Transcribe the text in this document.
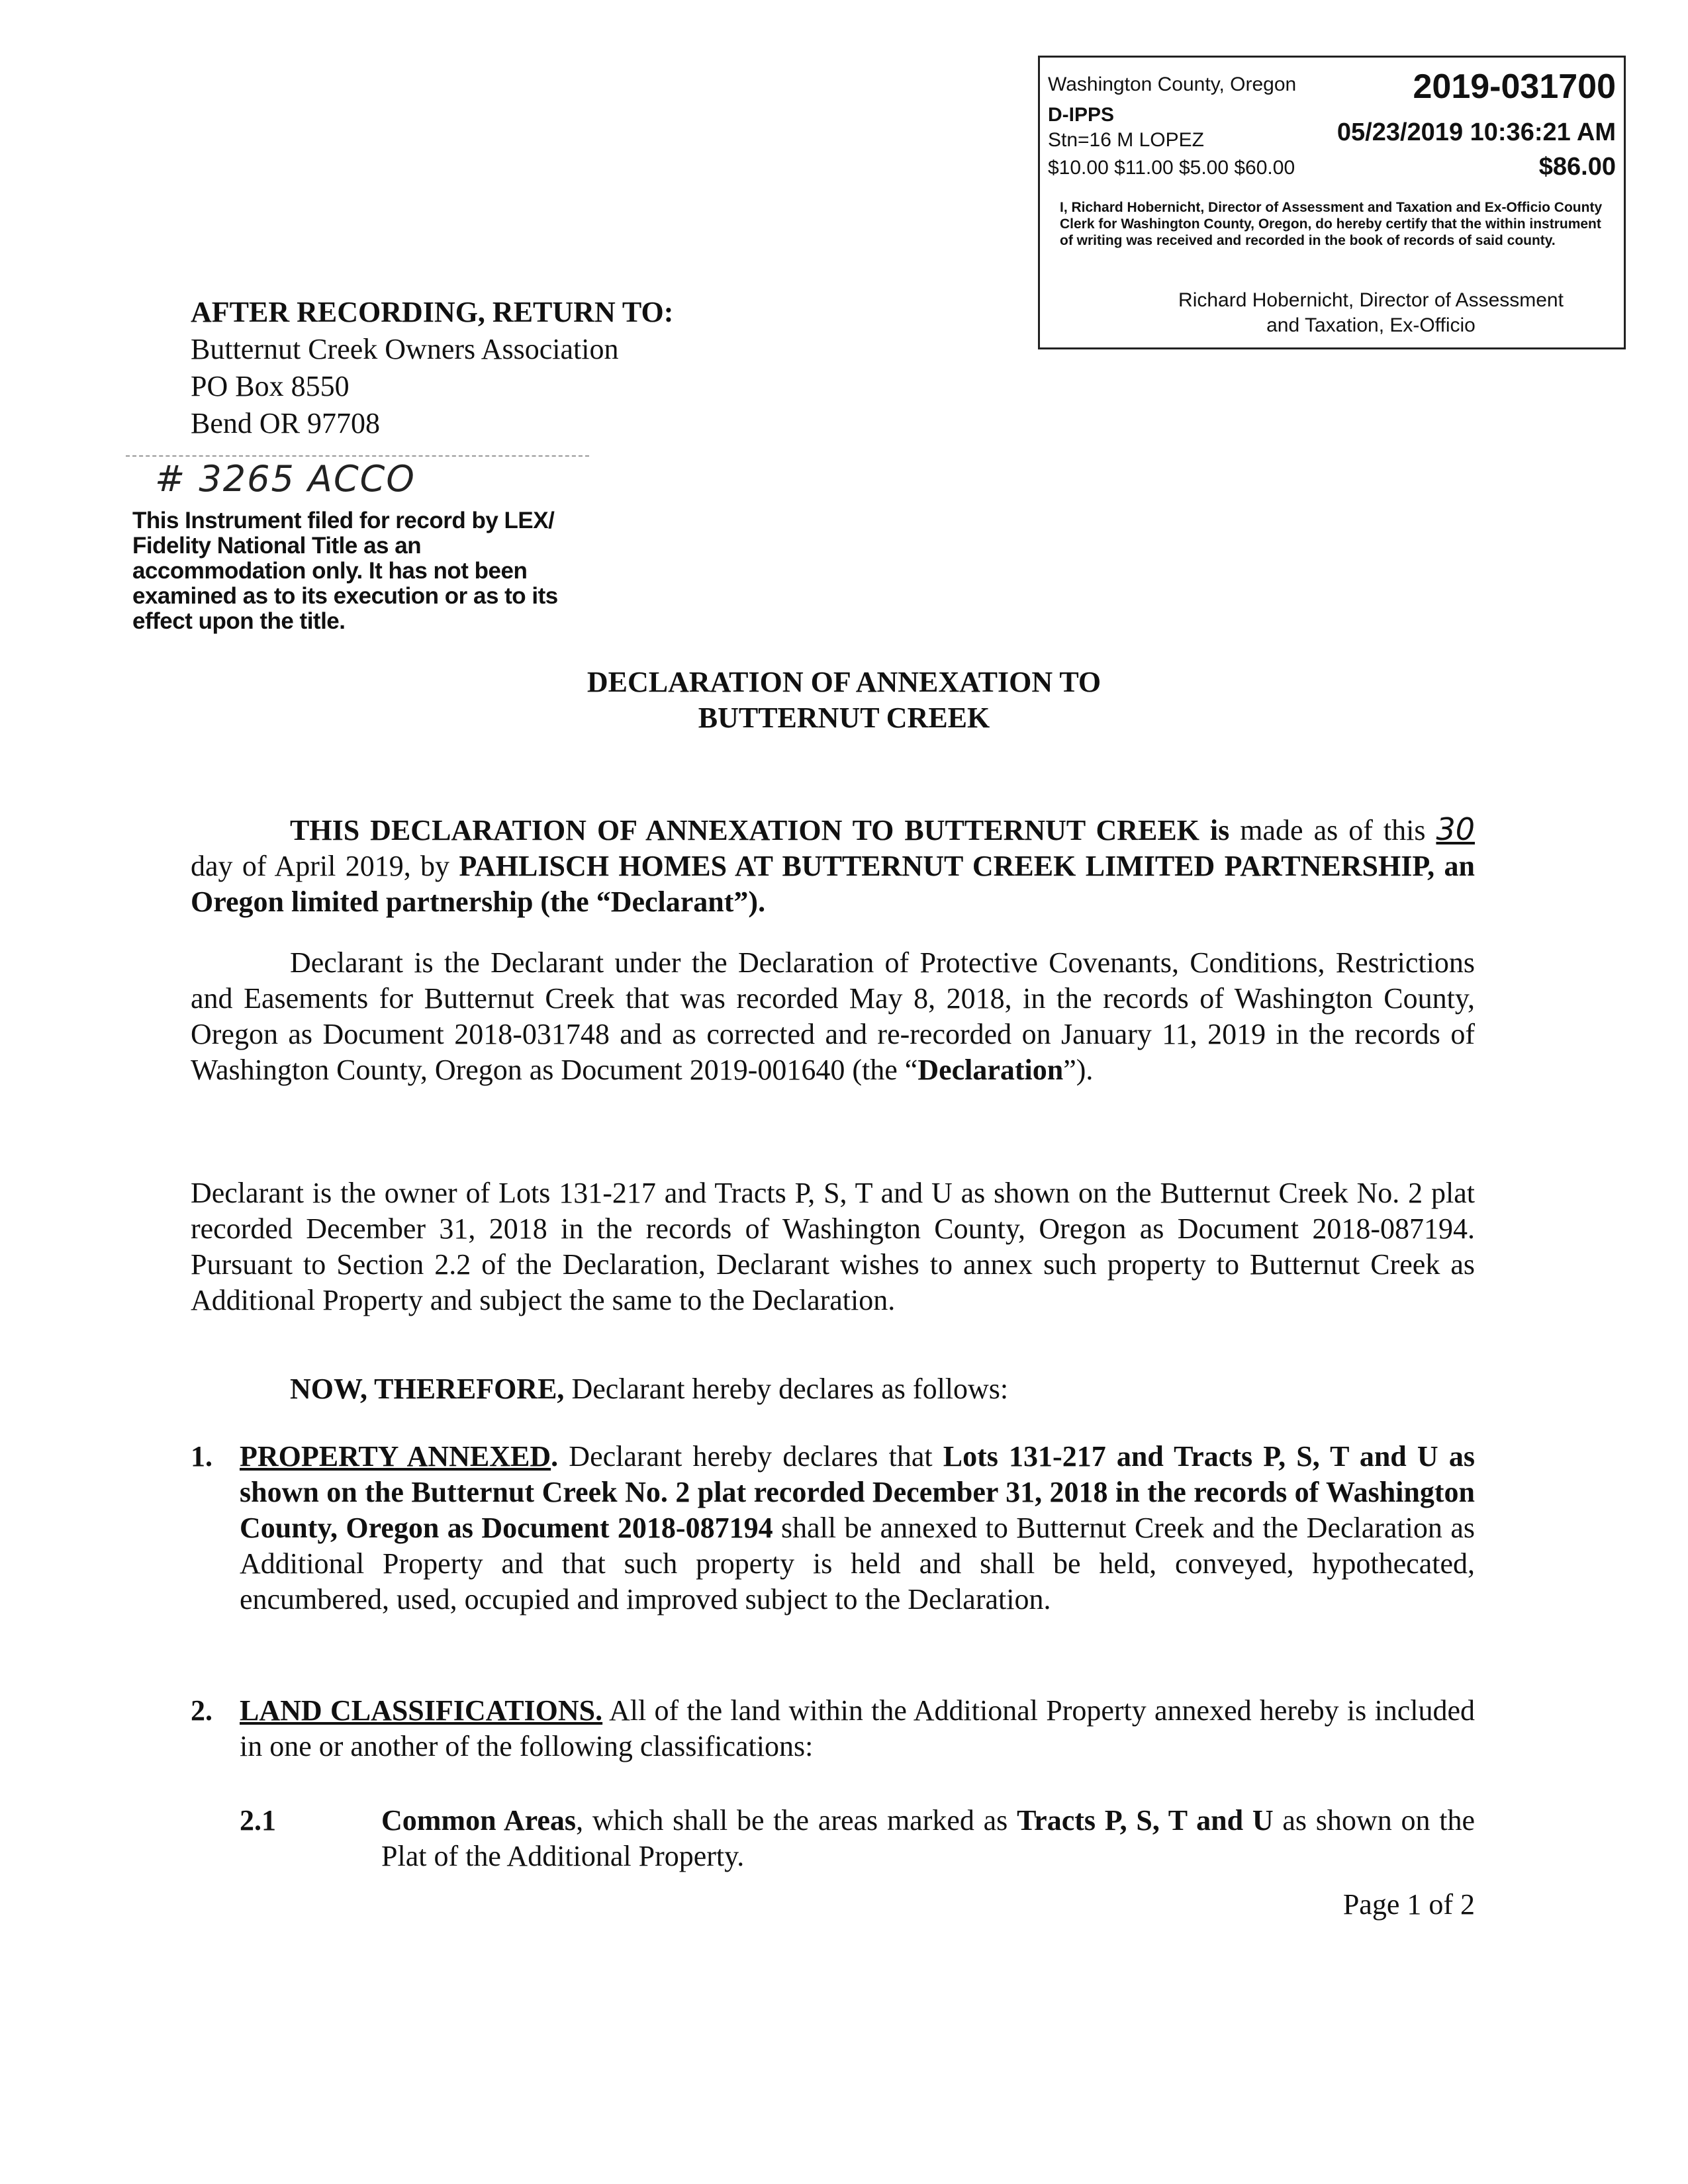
Washington County, Oregon	2019-031700
D-IPPS
Stn=16 M LOPEZ	05/23/2019 10:36:21 AM
$10.00 $11.00 $5.00 $60.00	$86.00
I, Richard Hobernicht, Director of Assessment and Taxation and Ex-Officio County Clerk for Washington County, Oregon, do hereby certify that the within instrument of writing was received and recorded in the book of records of said county.
Richard Hobernicht, Director of Assessment and Taxation, Ex-Officio
AFTER RECORDING, RETURN TO:
Butternut Creek Owners Association
PO Box 8550
Bend OR 97708
# 3265 ACCO
This Instrument filed for record by LEX/ Fidelity National Title as an accommodation only. It has not been examined as to its execution or as to its effect upon the title.
DECLARATION OF ANNEXATION TO
BUTTERNUT CREEK
THIS DECLARATION OF ANNEXATION TO BUTTERNUT CREEK is made as of this 30 day of April 2019, by PAHLISCH HOMES AT BUTTERNUT CREEK LIMITED PARTNERSHIP, an Oregon limited partnership (the “Declarant”).
Declarant is the Declarant under the Declaration of Protective Covenants, Conditions, Restrictions and Easements for Butternut Creek that was recorded May 8, 2018, in the records of Washington County, Oregon as Document 2018-031748 and as corrected and re-recorded on January 11, 2019 in the records of Washington County, Oregon as Document 2019-001640 (the “Declaration”).
Declarant is the owner of Lots 131-217 and Tracts P, S, T and U as shown on the Butternut Creek No. 2 plat recorded December 31, 2018 in the records of Washington County, Oregon as Document 2018-087194. Pursuant to Section 2.2 of the Declaration, Declarant wishes to annex such property to Butternut Creek as Additional Property and subject the same to the Declaration.
NOW, THEREFORE, Declarant hereby declares as follows:
1. PROPERTY ANNEXED. Declarant hereby declares that Lots 131-217 and Tracts P, S, T and U as shown on the Butternut Creek No. 2 plat recorded December 31, 2018 in the records of Washington County, Oregon as Document 2018-087194 shall be annexed to Butternut Creek and the Declaration as Additional Property and that such property is held and shall be held, conveyed, hypothecated, encumbered, used, occupied and improved subject to the Declaration.
2. LAND CLASSIFICATIONS. All of the land within the Additional Property annexed hereby is included in one or another of the following classifications:
2.1	Common Areas, which shall be the areas marked as Tracts P, S, T and U as shown on the Plat of the Additional Property.
Page 1 of 2
